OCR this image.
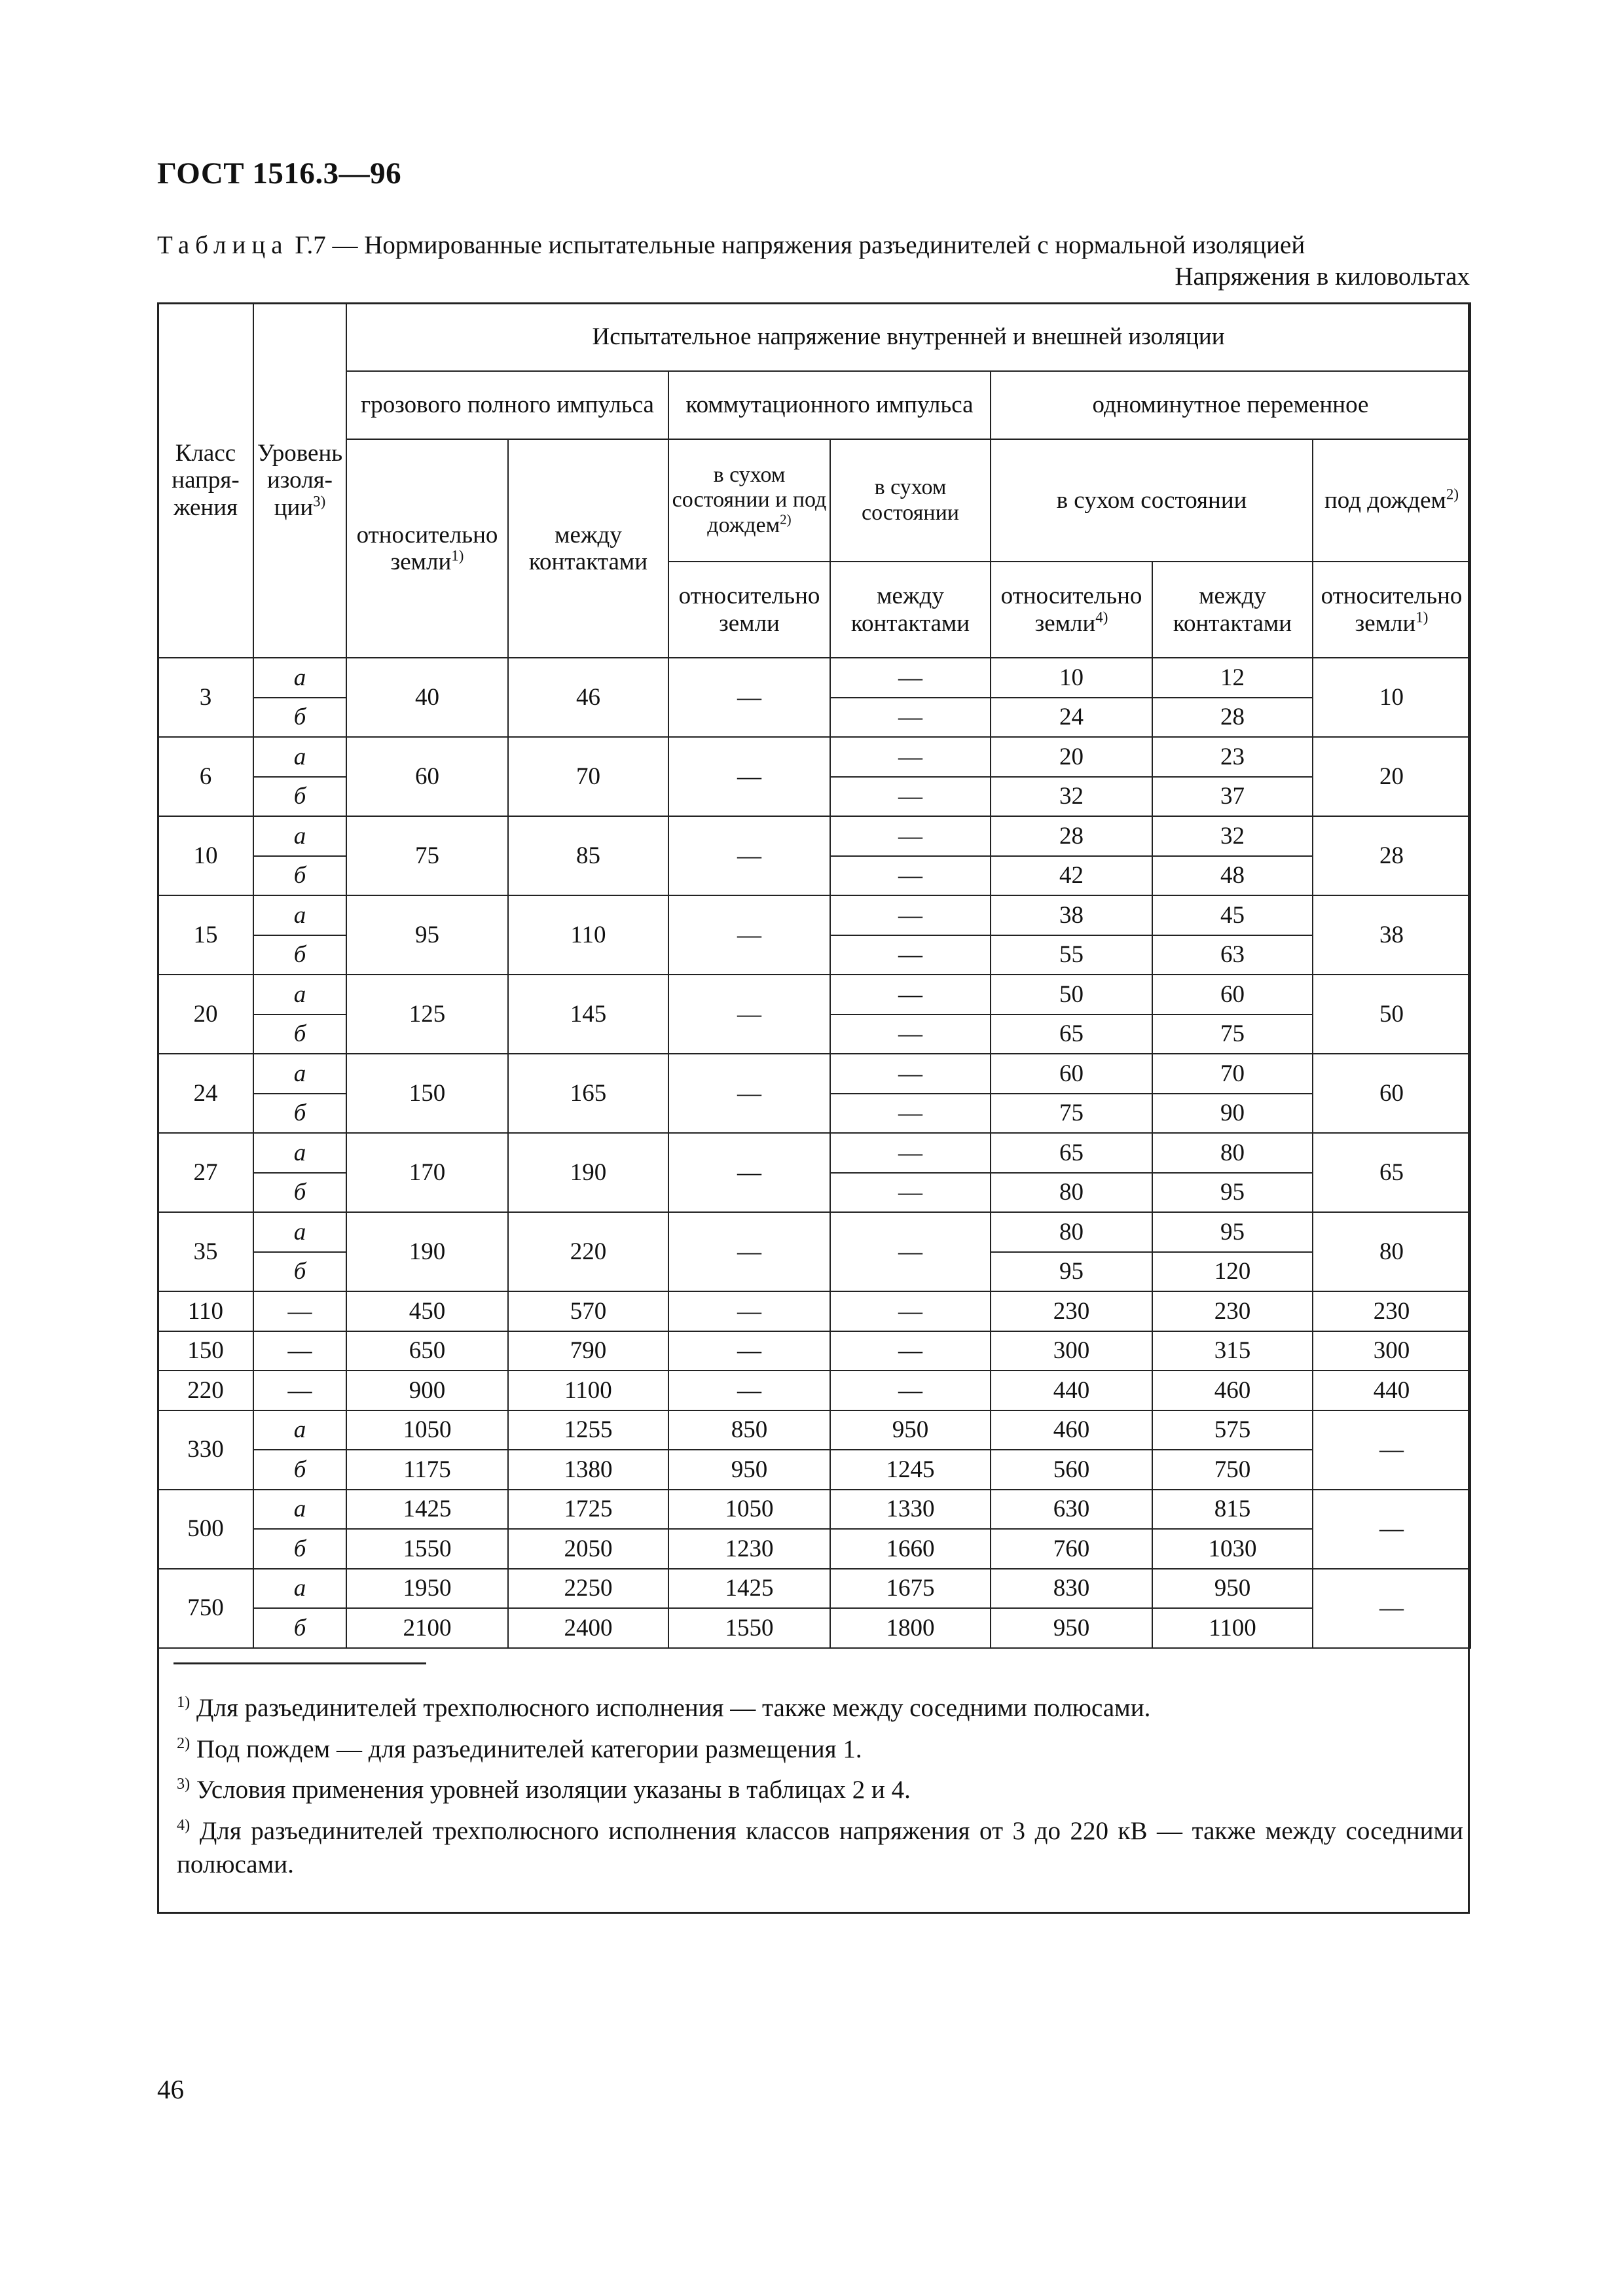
ГОСТ 1516.3—96
Таблица Г.7 — Нормированные испытательные напряжения разъединителей с нормальной изоляцией
Напряжения в киловольтах
Класс напря-жения	Уровень изоля-ции$^{3)}$	Испытательное напряжение внутренней и внешней изоляции						
		грозового полного импульса		коммутационного импульса		одноминутное переменное		
		относительно земли$^{1)}$	между контактами	в сухом состоянии и под дождем$^{2)}$	в сухом состоянии	в сухом состоянии		под дождем$^{2)}$
				относительно земли	между контактами	относительно земли$^{4)}$	между контактами	относительно земли$^{1)}$
3	а	40	46	—	—	10	12	10
	б				—	24	28	
6	а	60	70	—	—	20	23	20
	б				—	32	37	
10	а	75	85	—	—	28	32	28
	б				—	42	48	
15	а	95	110	—	—	38	45	38
	б				—	55	63	
20	а	125	145	—	—	50	60	50
	б				—	65	75	
24	а	150	165	—	—	60	70	60
	б				—	75	90	
27	а	170	190	—	—	65	80	65
	б				—	80	95	
35	а	190	220	—	—	80	95	80
	б					95	120	
110	—	450	570	—	—	230	230	230
150	—	650	790	—	—	300	315	300
220	—	900	1100	—	—	440	460	440
330	а	1050	1255	850	950	460	575	—
	б	1175	1380	950	1245	560	750	
500	а	1425	1725	1050	1330	630	815	—
	б	1550	2050	1230	1660	760	1030	
750	а	1950	2250	1425	1675	830	950	—
	б	2100	2400	1550	1800	950	1100	

$^{1)}$ Для разъединителей трехполюсного исполнения — также между соседними полюсами.

$^{2)}$ Под пождем — для разъединителей категории размещения 1.

$^{3)}$ Условия применения уровней изоляции указаны в таблицах 2 и 4.

$^{4)}$ Для разъединителей трехполюсного исполнения классов напряжения от 3 до 220 кВ — также между соседними полюсами.

46
